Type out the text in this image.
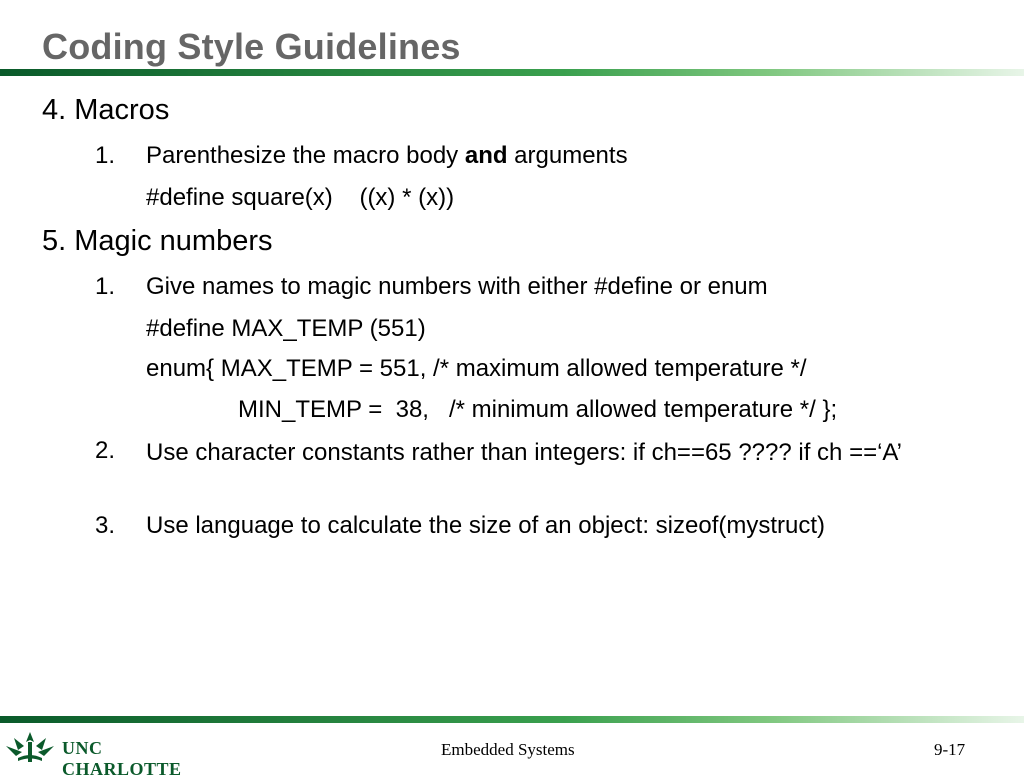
Coding Style Guidelines
4. Macros
1. Parenthesize the macro body and arguments
#define square(x)    ((x) * (x))
5. Magic numbers
1. Give names to magic numbers with either #define or enum
#define MAX_TEMP (551)
enum{ MAX_TEMP = 551, /* maximum allowed temperature */
MIN_TEMP =  38,   /* minimum allowed temperature */ };
2. Use character constants rather than integers: if ch==65 ???? if ch ==‘A’
3. Use language to calculate the size of an object: sizeof(mystruct)
UNC CHARLOTTE
Embedded Systems	9-17
